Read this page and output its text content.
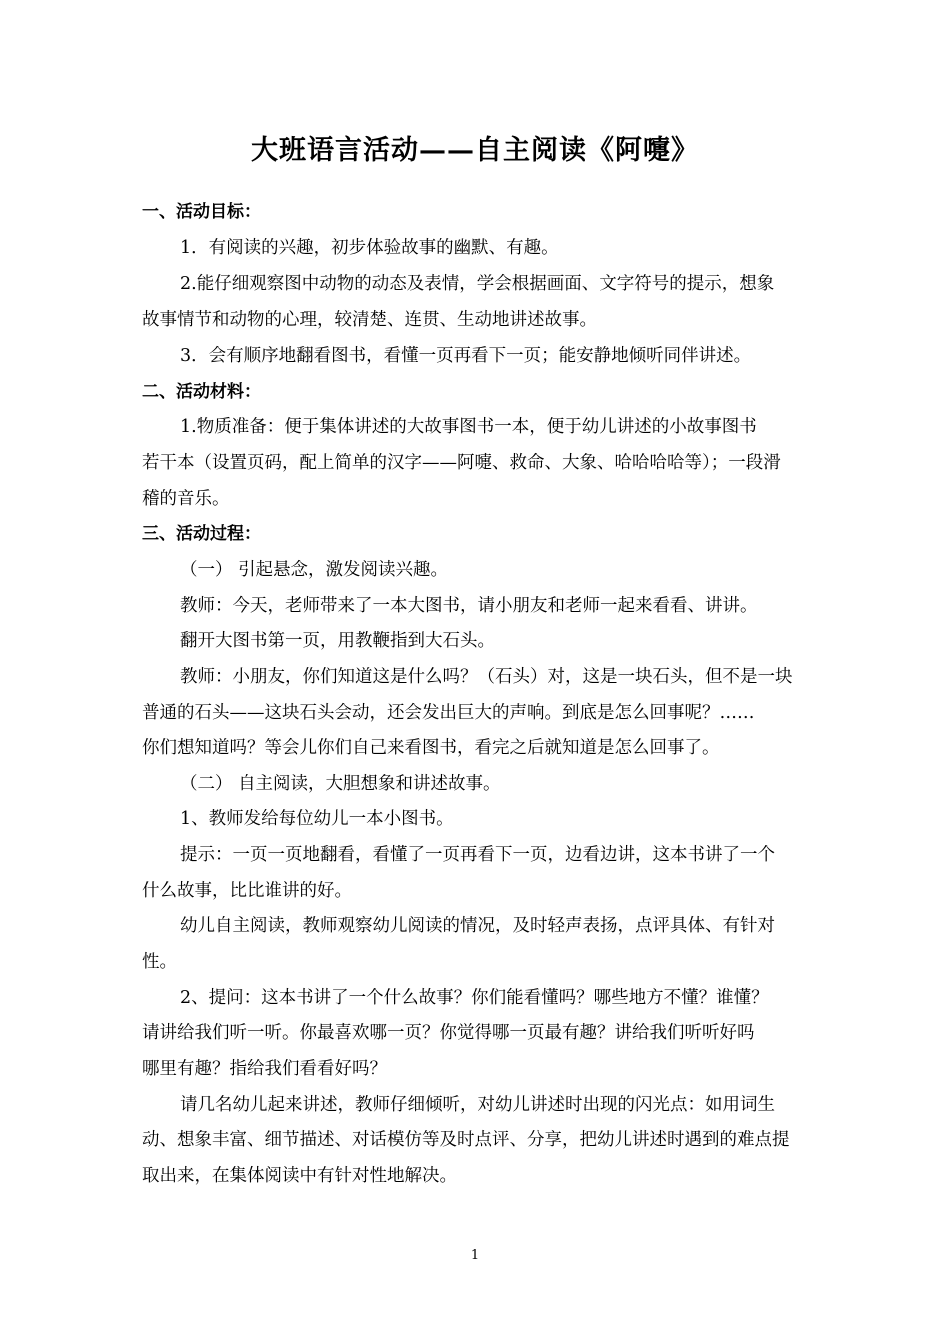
大班语言活动——自主阅读《阿嚏》
一、活动目标：
1．有阅读的兴趣，初步体验故事的幽默、有趣。
2.能仔细观察图中动物的动态及表情，学会根据画面、文字符号的提示，想象
故事情节和动物的心理，较清楚、连贯、生动地讲述故事。
3．会有顺序地翻看图书，看懂一页再看下一页；能安静地倾听同伴讲述。
二、活动材料：
1.物质准备：便于集体讲述的大故事图书一本，便于幼儿讲述的小故事图书
若干本（设置页码，配上简单的汉字——阿嚏、救命、大象、哈哈哈哈等）；一段滑
稽的音乐。
三、活动过程：
（一） 引起悬念，激发阅读兴趣。
教师：今天，老师带来了一本大图书，请小朋友和老师一起来看看、讲讲。
翻开大图书第一页，用教鞭指到大石头。
教师：小朋友，你们知道这是什么吗？（石头）对，这是一块石头，但不是一块
普通的石头——这块石头会动，还会发出巨大的声响。到底是怎么回事呢？……
你们想知道吗？等会儿你们自己来看图书，看完之后就知道是怎么回事了。
（二） 自主阅读，大胆想象和讲述故事。
1、教师发给每位幼儿一本小图书。
提示：一页一页地翻看，看懂了一页再看下一页，边看边讲，这本书讲了一个
什么故事，比比谁讲的好。
幼儿自主阅读，教师观察幼儿阅读的情况，及时轻声表扬，点评具体、有针对
性。
2、提问：这本书讲了一个什么故事？你们能看懂吗？哪些地方不懂？谁懂？
请讲给我们听一听。你最喜欢哪一页？你觉得哪一页最有趣？讲给我们听听好吗
哪里有趣？指给我们看看好吗？
请几名幼儿起来讲述，教师仔细倾听，对幼儿讲述时出现的闪光点：如用词生
动、想象丰富、细节描述、对话模仿等及时点评、分享，把幼儿讲述时遇到的难点提
取出来，在集体阅读中有针对性地解决。
1
